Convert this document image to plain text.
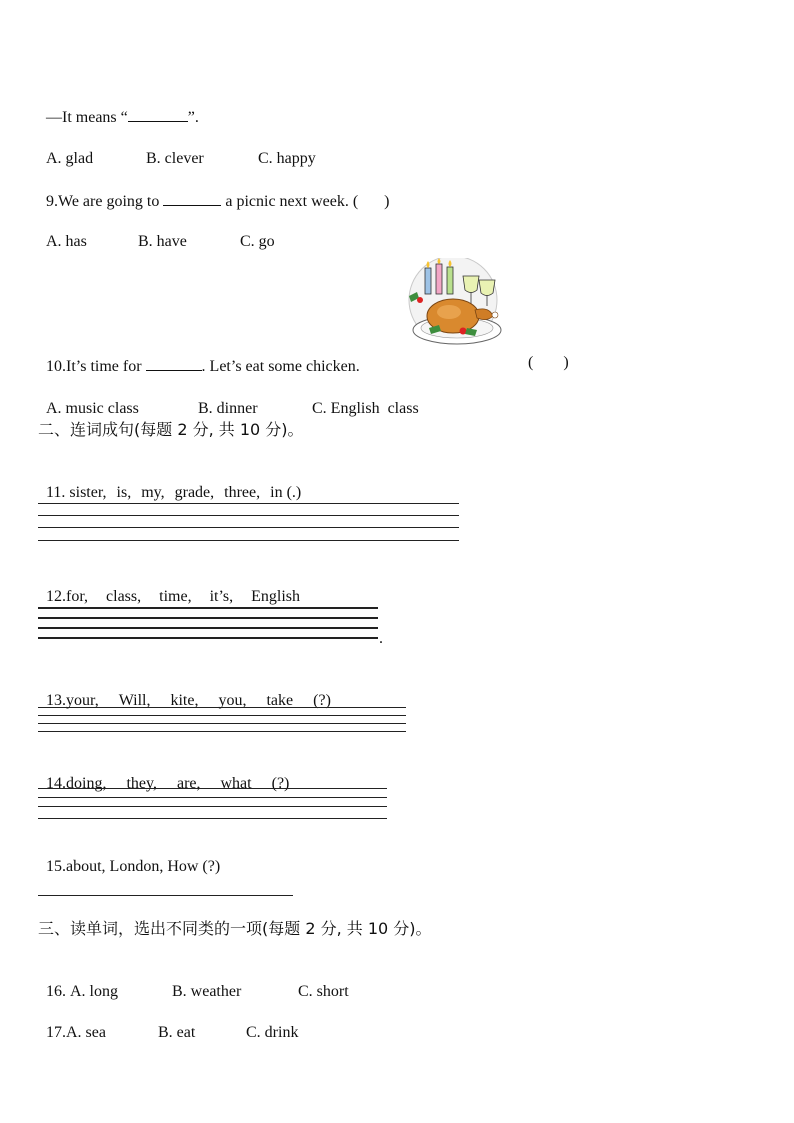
—It means “	”.

A. glad	B. clever	C. happy

9.We are going to	a picnic next week. ( )

A. has	B. have	C. go

10.It’s time for	. Let’s eat some chicken.	( )

A. music class	B. dinner	C. English  class

二、连词成句(每题 2 分, 共 10 分)。

11. sister, is, my, grade, three, in (.)

12.for, class, time, it’s, English

.

13.your, Will, kite, you, take (?)

14.doing, they, are, what (?)

15.about, London, How (?)

三、读单词，选出不同类的一项(每题 2 分, 共 10 分)。

16. A. long	B. weather	C. short

17.A. sea	B. eat	C. drink
